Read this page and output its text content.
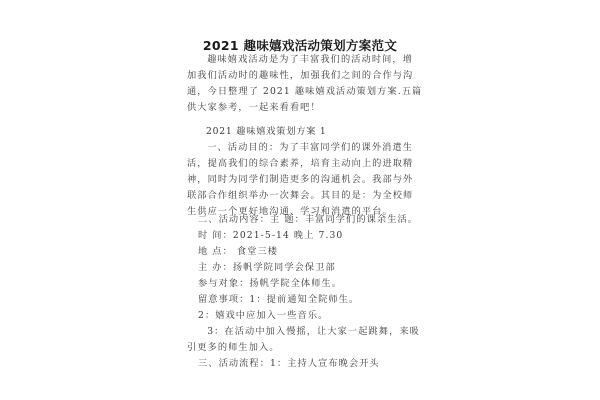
2021 趣味嬉戏活动策划方案范文

趣味嬉戏活动是为了丰富我们的活动时间，增加我们活动时的趣味性，加强我们之间的合作与沟通，今日整理了 2021 趣味嬉戏活动策划方案.五篇供大家参考，一起来看看吧！

2021 趣味嬉戏策划方案 1

一、活动目的：为了丰富同学们的课外消遣生活，提高我们的综合素养，培育主动向上的进取精神，同时为同学们制造更多的沟通机会。我部与外联部合作组织举办一次舞会。其目的是：为全校师生供应一个更好地沟通、学习和消遣的平台。

二、活动内容：主 题：丰富同学们的课余生活。

时 间：2021-5-14 晚上 7.30

地 点： 食堂三楼

主 办：扬帆学院同学会保卫部

参与对象：扬帆学院全体师生。

留意事项：1：提前通知全院师生。

2：嬉戏中应加入一些音乐。

3：在活动中加入慢摇，让大家一起跳舞，来吸引更多的师生加入。

三、活动流程：1：主持人宣布晚会开头
